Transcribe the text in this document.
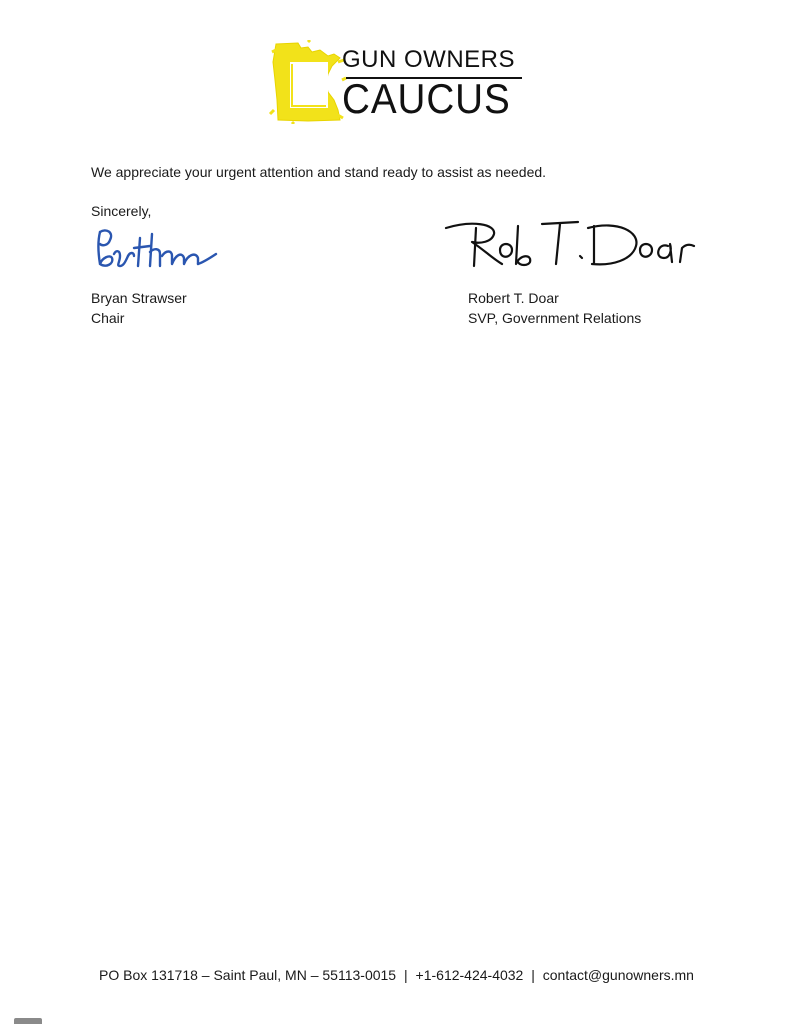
GUN OWNERS
CAUCUS
We appreciate your urgent attention and stand ready to assist as needed.
Sincerely,
Bryan Strawser
Chair
Robert T. Doar
SVP, Government Relations
PO Box 131718 – Saint Paul, MN – 55113-0015 | +1-612-424-4032 | contact@gunowners.mn
